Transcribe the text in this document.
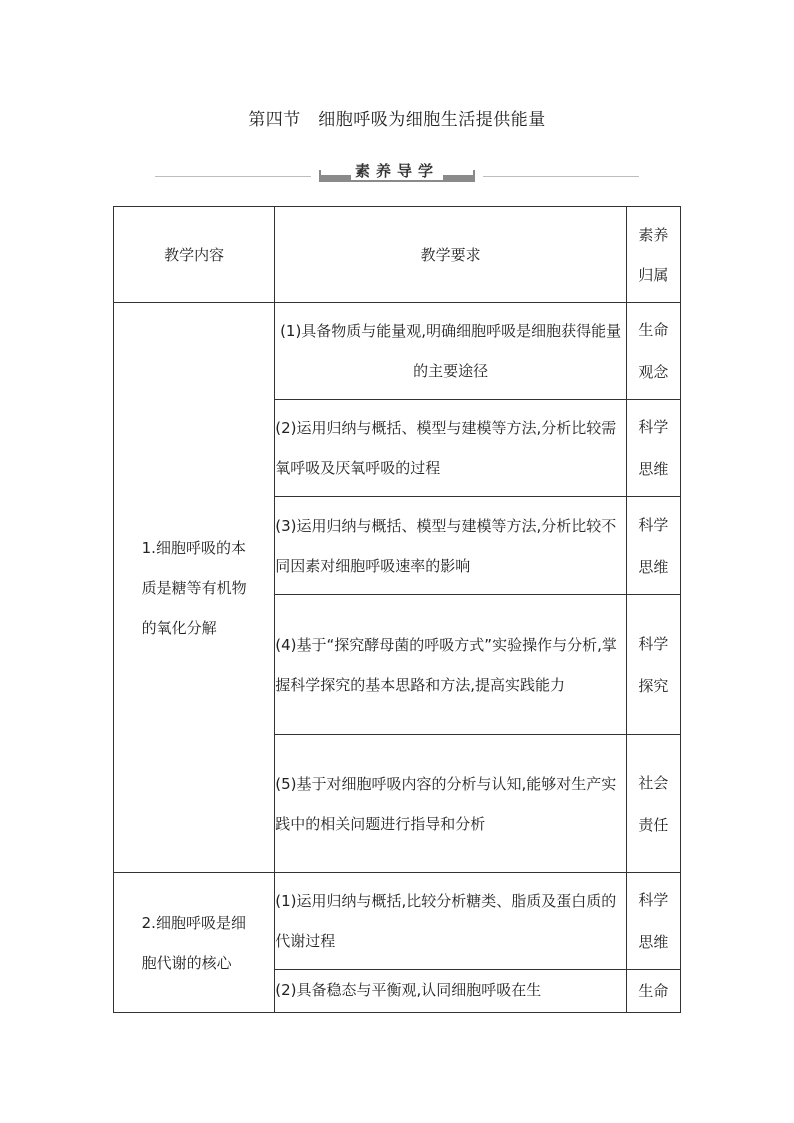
第四节　细胞呼吸为细胞生活提供能量
素养导学
教学内容	教学要求	素养归属

1.细胞呼吸的本质是糖等有机物的氧化分解	(1)具备物质与能量观,明确细胞呼吸是细胞获得能量的主要途径	生命观念

	(2)运用归纳与概括、模型与建模等方法,分析比较需氧呼吸及厌氧呼吸的过程	科学思维

	(3)运用归纳与概括、模型与建模等方法,分析比较不同因素对细胞呼吸速率的影响	科学思维

	(4)基于“探究酵母菌的呼吸方式”实验操作与分析,掌握科学探究的基本思路和方法,提高实践能力	科学探究

	(5)基于对细胞呼吸内容的分析与认知,能够对生产实践中的相关问题进行指导和分析	社会责任

2.细胞呼吸是细胞代谢的核心	(1)运用归纳与概括,比较分析糖类、脂质及蛋白质的代谢过程	科学思维

	(2)具备稳态与平衡观,认同细胞呼吸在生	生命
